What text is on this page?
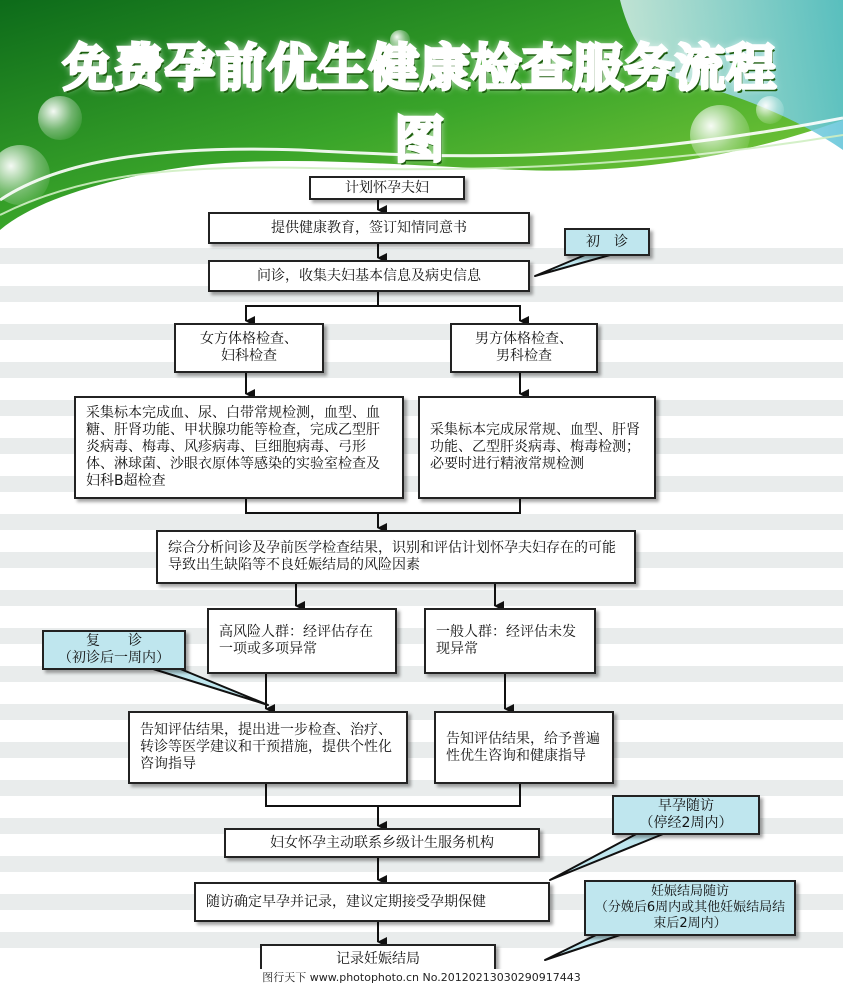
免费孕前优生健康检查服务流程图
计划怀孕夫妇
提供健康教育，签订知情同意书
问诊，收集夫妇基本信息及病史信息
女方体格检查、
妇科检查
男方体格检查、
男科检查
采集标本完成血、尿、白带常规检测，血型、血糖、肝肾功能、甲状腺功能等检查，完成乙型肝炎病毒、梅毒、风疹病毒、巨细胞病毒、弓形体、淋球菌、沙眼衣原体等感染的实验室检查及妇科B超检查
采集标本完成尿常规、血型、肝肾功能、乙型肝炎病毒、梅毒检测；必要时进行精液常规检测
综合分析问诊及孕前医学检查结果，识别和评估计划怀孕夫妇存在的可能导致出生缺陷等不良妊娠结局的风险因素
高风险人群：经评估存在一项或多项异常
一般人群：经评估未发现异常
告知评估结果，提出进一步检查、治疗、转诊等医学建议和干预措施，提供个性化咨询指导
告知评估结果，给予普遍性优生咨询和健康指导
妇女怀孕主动联系乡级计生服务机构
随访确定早孕并记录，建议定期接受孕期保健
记录妊娠结局
初　诊
复　　诊
（初诊后一周内）
早孕随访
（停经2周内）
妊娠结局随访
（分娩后6周内或其他妊娠结局结束后2周内）
图行天下 www.photophoto.cn No.20120213030290917443
